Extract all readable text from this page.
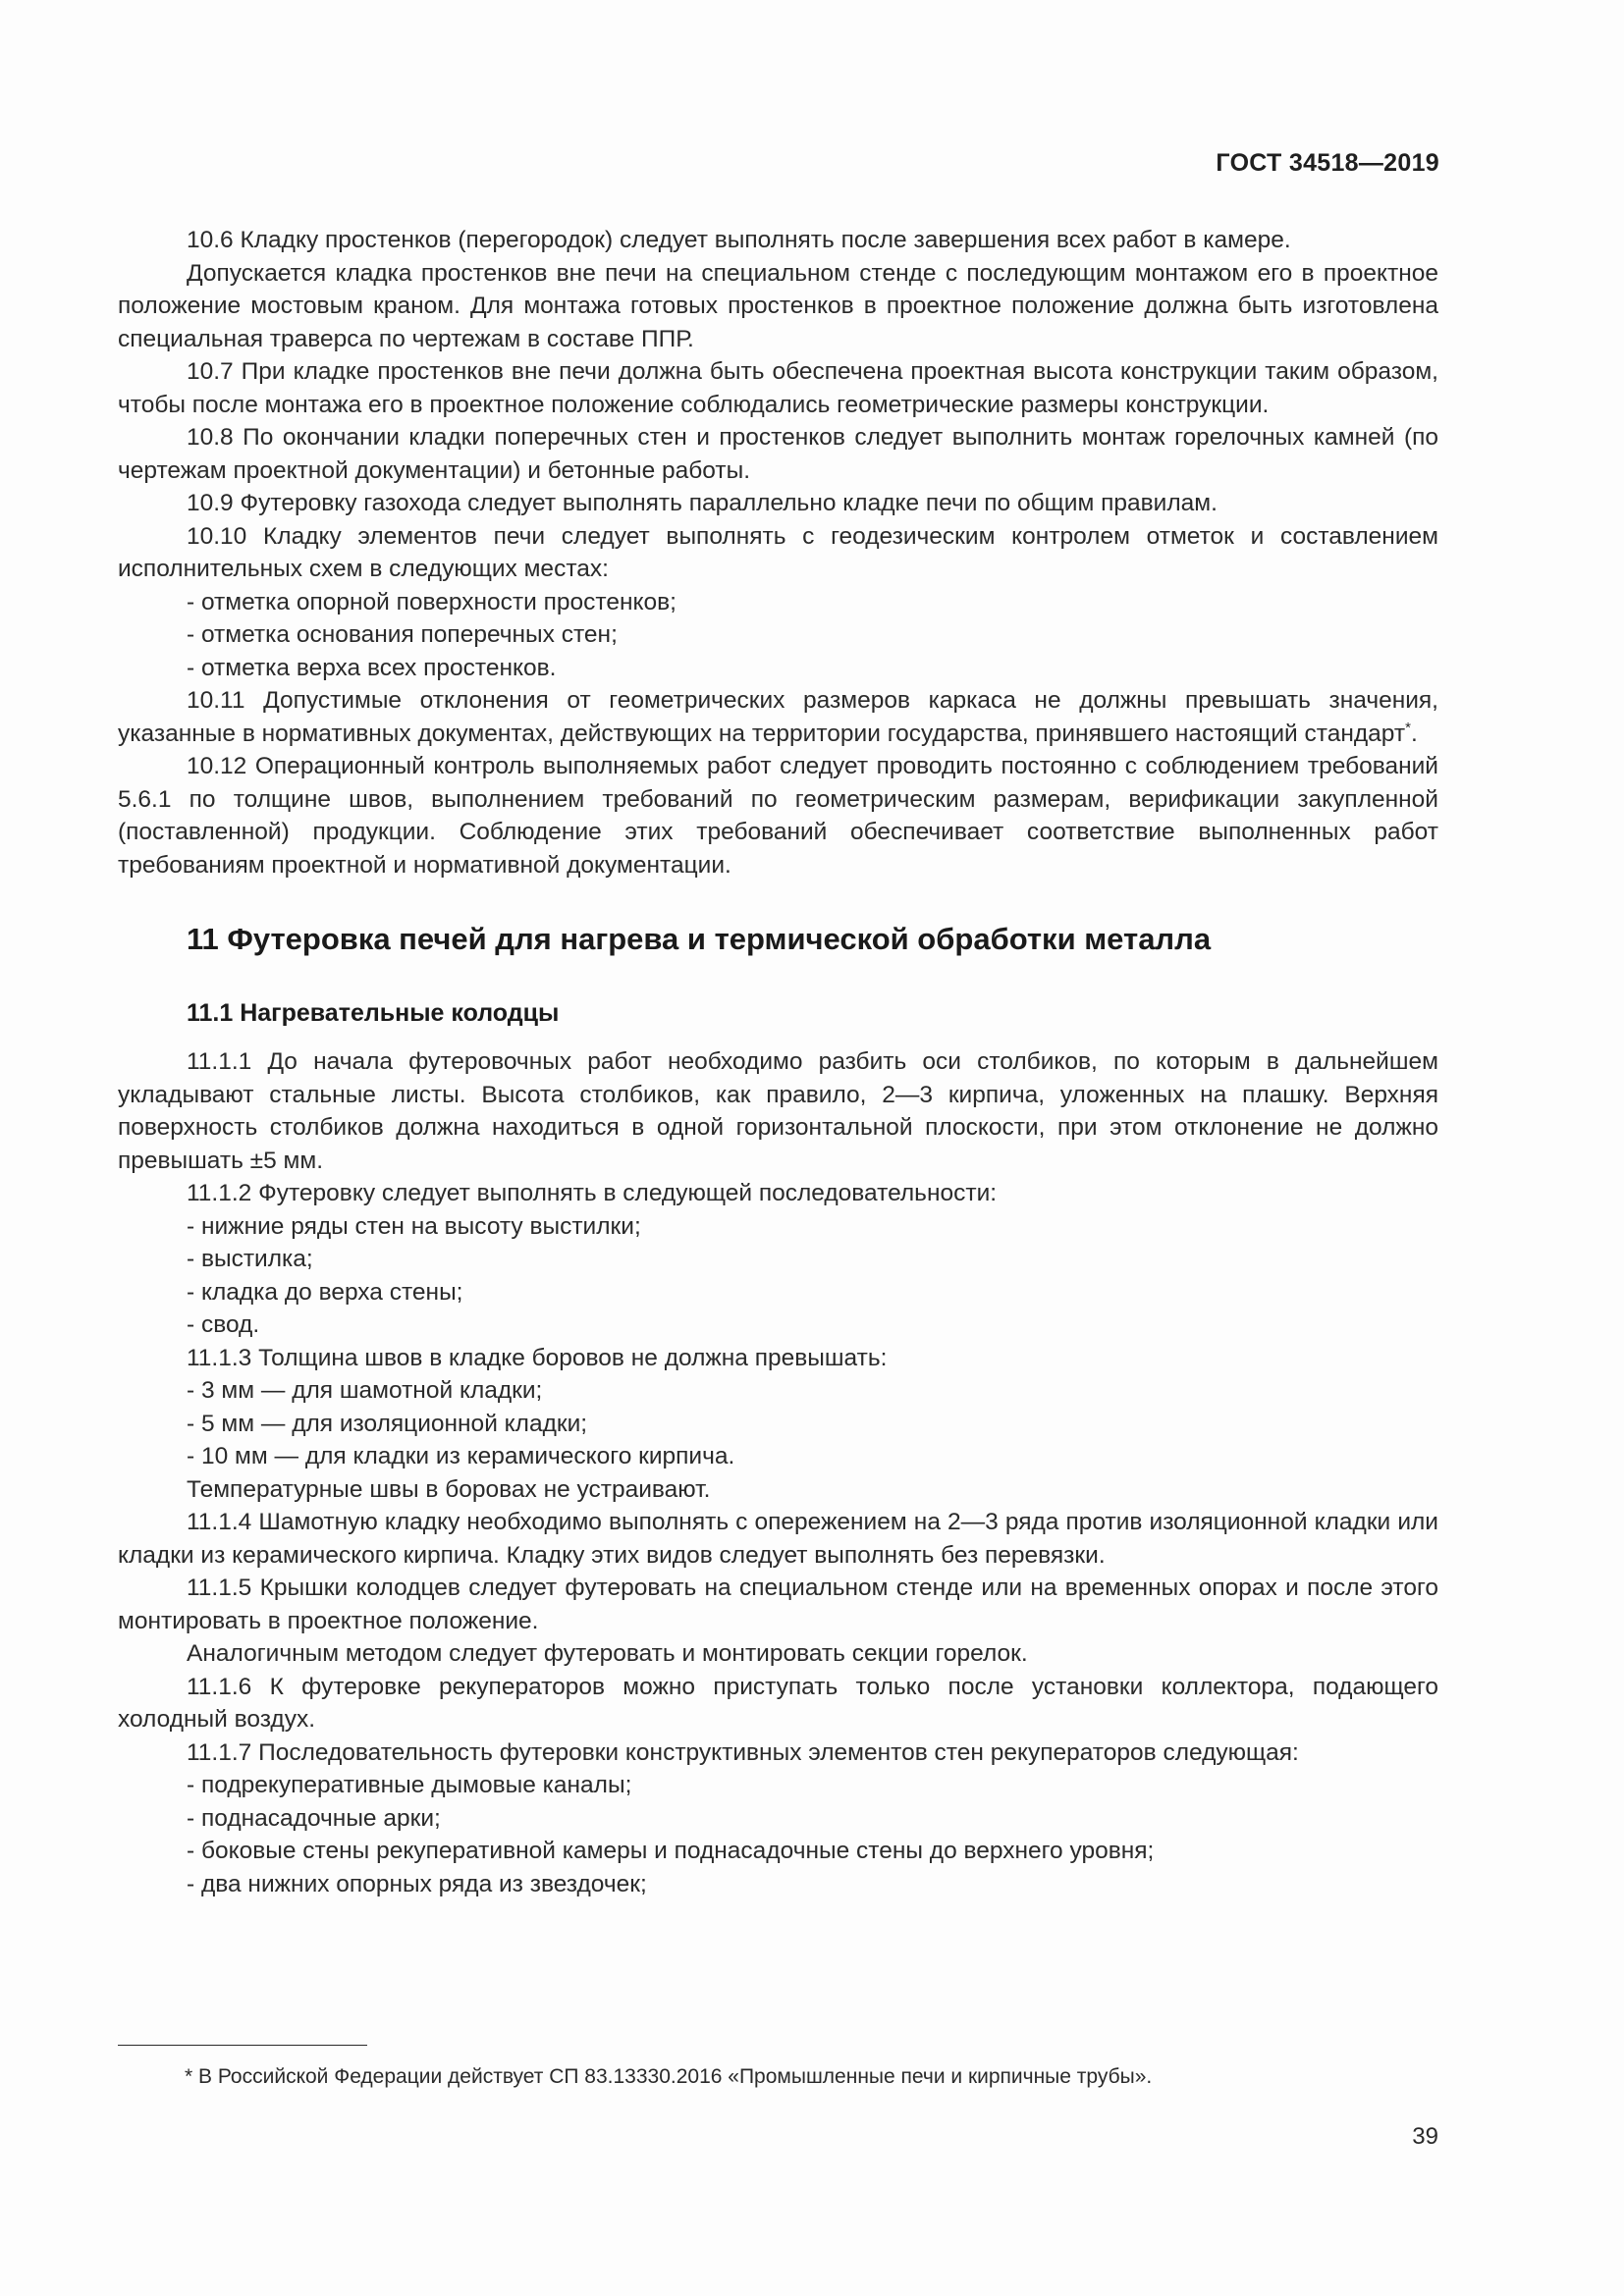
ГОСТ 34518—2019

10.6 Кладку простенков (перегородок) следует выполнять после завершения всех работ в камере.

Допускается кладка простенков вне печи на специальном стенде с последующим монтажом его в проектное положение мостовым краном. Для монтажа готовых простенков в проектное положение должна быть изготовлена специальная траверса по чертежам в составе ППР.

10.7 При кладке простенков вне печи должна быть обеспечена проектная высота конструкции таким образом, чтобы после монтажа его в проектное положение соблюдались геометрические размеры конструкции.

10.8 По окончании кладки поперечных стен и простенков следует выполнить монтаж горелочных камней (по чертежам проектной документации) и бетонные работы.

10.9 Футеровку газохода следует выполнять параллельно кладке печи по общим правилам.

10.10 Кладку элементов печи следует выполнять с геодезическим контролем отметок и составлением исполнительных схем в следующих местах:

- отметка опорной поверхности простенков;

- отметка основания поперечных стен;

- отметка верха всех простенков.

10.11 Допустимые отклонения от геометрических размеров каркаса не должны превышать значения, указанные в нормативных документах, действующих на территории государства, принявшего настоящий стандарт*.

10.12 Операционный контроль выполняемых работ следует проводить постоянно с соблюдением требований 5.6.1 по толщине швов, выполнением требований по геометрическим размерам, верификации закупленной (поставленной) продукции. Соблюдение этих требований обеспечивает соответствие выполненных работ требованиям проектной и нормативной документации.

11 Футеровка печей для нагрева и термической обработки металла
11.1 Нагревательные колодцы

11.1.1 До начала футеровочных работ необходимо разбить оси столбиков, по которым в дальнейшем укладывают стальные листы. Высота столбиков, как правило, 2—3 кирпича, уложенных на плашку. Верхняя поверхность столбиков должна находиться в одной горизонтальной плоскости, при этом отклонение не должно превышать ±5 мм.

11.1.2 Футеровку следует выполнять в следующей последовательности:

- нижние ряды стен на высоту выстилки;

- выстилка;

- кладка до верха стены;

- свод.

11.1.3 Толщина швов в кладке боровов не должна превышать:

- 3 мм — для шамотной кладки;

- 5 мм — для изоляционной кладки;

- 10 мм — для кладки из керамического кирпича.

Температурные швы в боровах не устраивают.

11.1.4 Шамотную кладку необходимо выполнять с опережением на 2—3 ряда против изоляционной кладки или кладки из керамического кирпича. Кладку этих видов следует выполнять без перевязки.

11.1.5 Крышки колодцев следует футеровать на специальном стенде или на временных опорах и после этого монтировать в проектное положение.

Аналогичным методом следует футеровать и монтировать секции горелок.

11.1.6 К футеровке рекуператоров можно приступать только после установки коллектора, подающего холодный воздух.

11.1.7 Последовательность футеровки конструктивных элементов стен рекуператоров следующая:

- подрекуперативные дымовые каналы;

- поднасадочные арки;

- боковые стены рекуперативной камеры и поднасадочные стены до верхнего уровня;

- два нижних опорных ряда из звездочек;

* В Российской Федерации действует СП 83.13330.2016 «Промышленные печи и кирпичные трубы».
39
